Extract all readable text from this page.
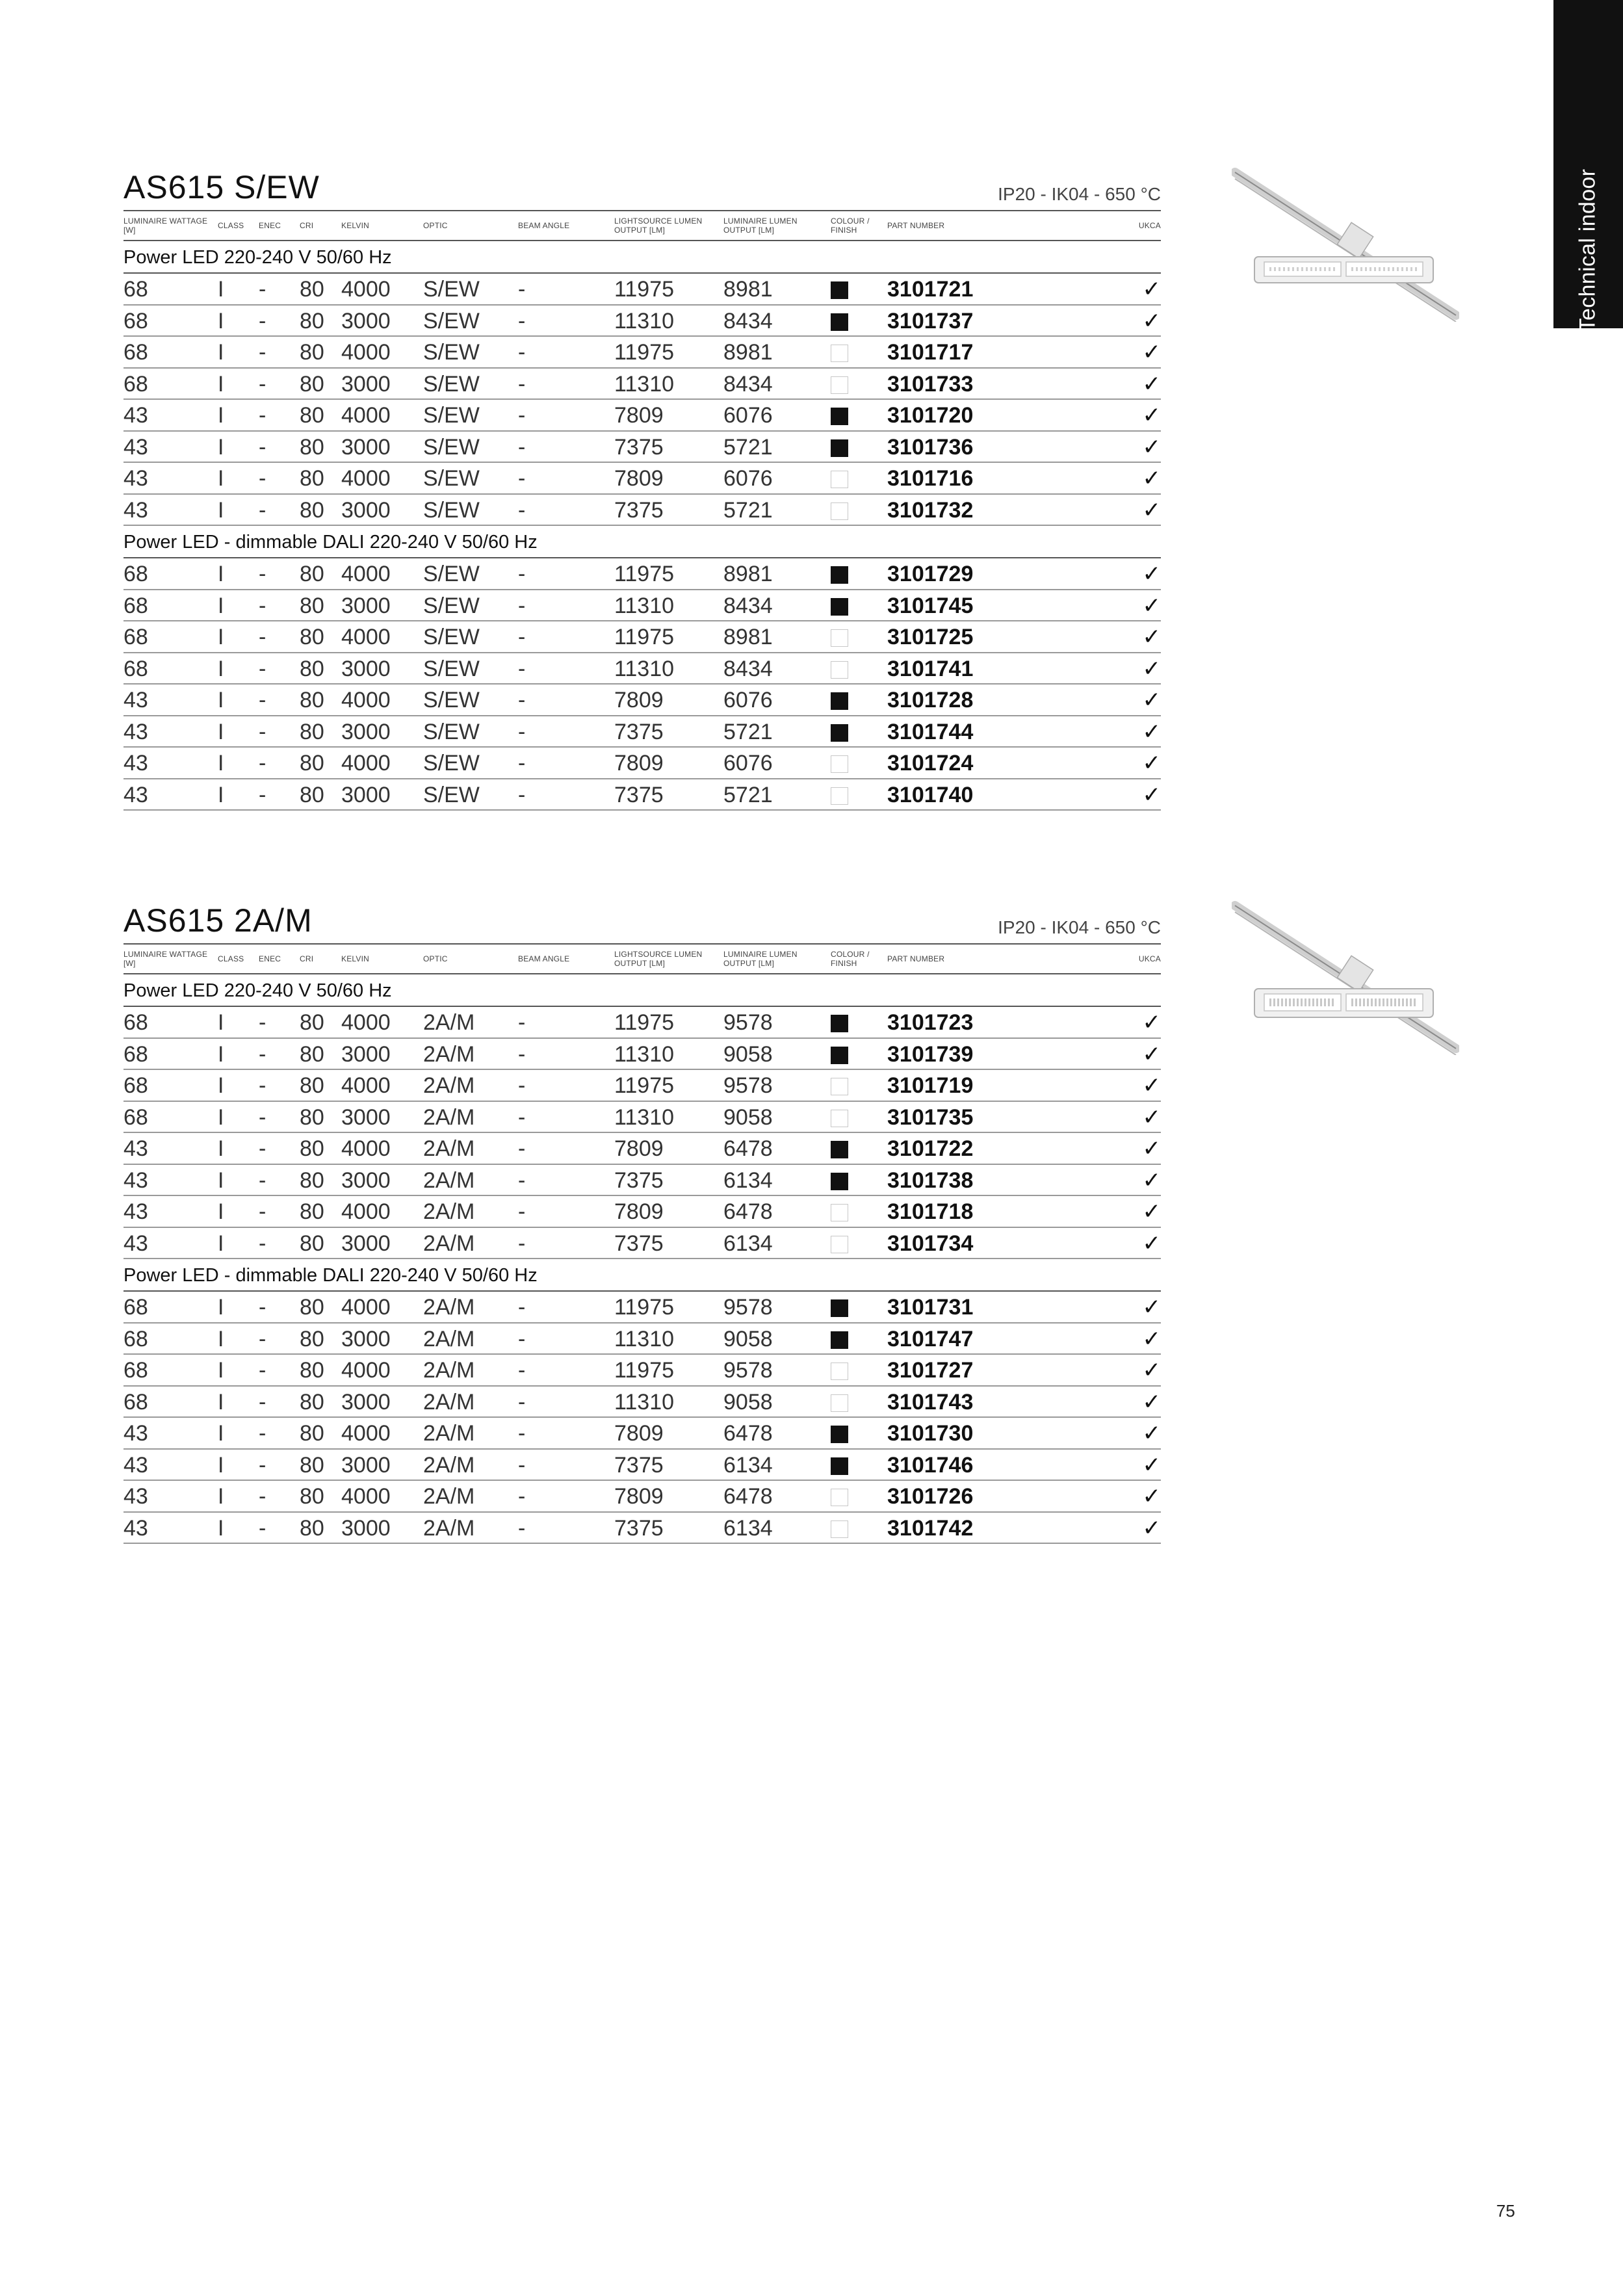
Technical indoor
AS615 S/EW	IP20 - IK04 - 650 °C
LUMINAIRE WATTAGE [W]	CLASS	ENEC	CRI	KELVIN	OPTIC	BEAM ANGLE	LIGHTSOURCE LUMEN OUTPUT [LM]
LUMINAIRE LUMEN OUTPUT [LM]
COLOUR / FINISH	PART NUMBER	UKCA
Power LED 220-240 V 50/60 Hz
68	I - 80 4000 S/EW -	11975 8981	3101721	✓
68	I - 80 3000 S/EW -	11310 8434	3101737	✓
68	I - 80 4000 S/EW -	11975 8981	3101717	✓
68	I - 80 3000 S/EW -	11310 8434	3101733	✓
43	I - 80 4000 S/EW -	7809	6076	3101720	✓
43	I - 80 3000 S/EW -	7375	5721	3101736	✓
43	I - 80 4000 S/EW -	7809	6076	3101716	✓
43	I - 80 3000 S/EW -	7375	5721	3101732	✓
Power LED - dimmable DALI 220-240 V 50/60 Hz
68	I - 80 4000 S/EW -	11975 8981	3101729	✓
68	I - 80 3000 S/EW -	11310 8434	3101745	✓
68	I - 80 4000 S/EW -	11975 8981	3101725	✓
68	I - 80 3000 S/EW -	11310 8434	3101741	✓
43	I - 80 4000 S/EW -	7809	6076	3101728	✓
43	I - 80 3000 S/EW -	7375	5721	3101744	✓
43	I - 80 4000 S/EW -	7809	6076	3101724	✓
43	I - 80 3000 S/EW -	7375	5721	3101740	✓
AS615 2A/M	IP20 - IK04 - 650 °C
LUMINAIRE WATTAGE [W]	CLASS	ENEC	CRI	KELVIN	OPTIC	BEAM ANGLE	LIGHTSOURCE LUMEN OUTPUT [LM]
LUMINAIRE LUMEN OUTPUT [LM]
COLOUR / FINISH	PART NUMBER	UKCA
Power LED 220-240 V 50/60 Hz
68	I - 80 4000 2A/M -	11975 9578	3101723	✓
68	I - 80 3000 2A/M -	11310 9058	3101739	✓
68	I - 80 4000 2A/M -	11975 9578	3101719	✓
68	I - 80 3000 2A/M -	11310 9058	3101735	✓
43	I - 80 4000 2A/M -	7809	6478	3101722	✓
43	I - 80 3000 2A/M -	7375	6134	3101738	✓
43	I - 80 4000 2A/M -	7809	6478	3101718	✓
43	I - 80 3000 2A/M -	7375	6134	3101734	✓
Power LED - dimmable DALI 220-240 V 50/60 Hz
68	I - 80 4000 2A/M -	11975 9578	3101731	✓
68	I - 80 3000 2A/M -	11310 9058	3101747	✓
68	I - 80 4000 2A/M -	11975 9578	3101727	✓
68	I - 80 3000 2A/M -	11310 9058	3101743	✓
43	I - 80 4000 2A/M -	7809	6478	3101730	✓
43	I - 80 3000 2A/M -	7375	6134	3101746	✓
43	I - 80 4000 2A/M -	7809	6478	3101726	✓
43	I - 80 3000 2A/M -	7375	6134	3101742	✓
75
